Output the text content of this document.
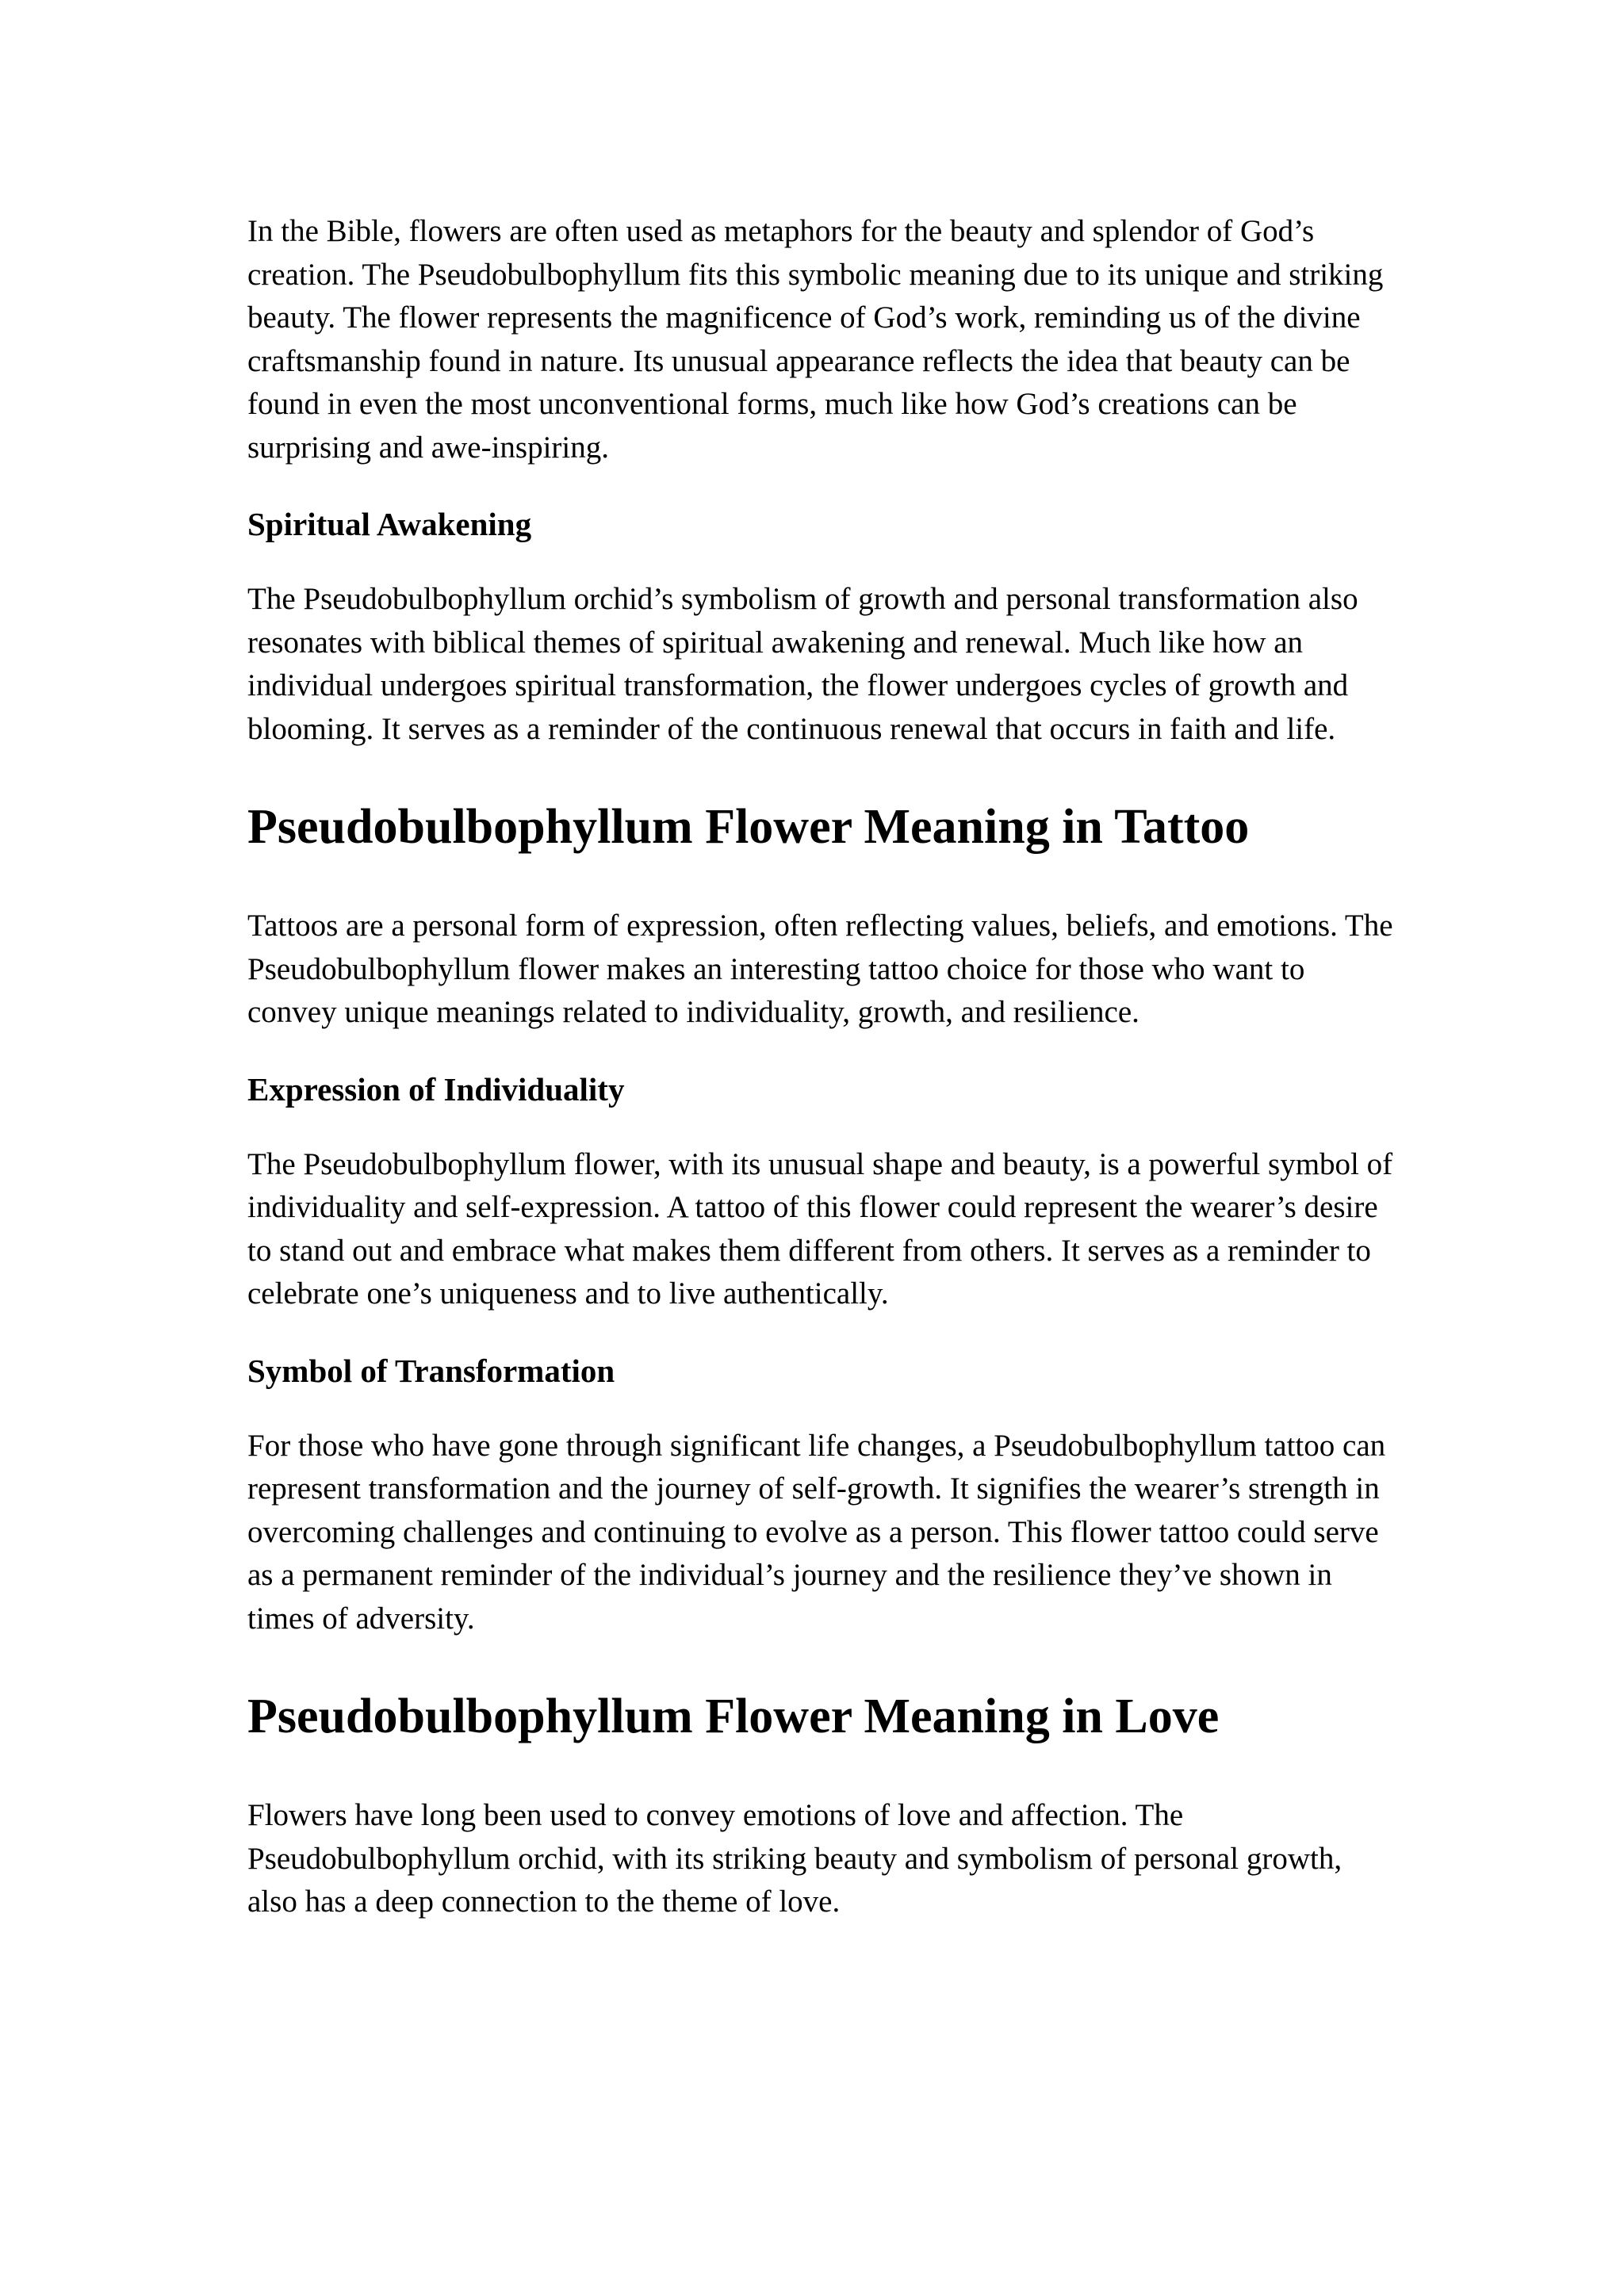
In the Bible, flowers are often used as metaphors for the beauty and splendor of God’s creation. The Pseudobulbophyllum fits this symbolic meaning due to its unique and striking beauty. The flower represents the magnificence of God’s work, reminding us of the divine craftsmanship found in nature. Its unusual appearance reflects the idea that beauty can be found in even the most unconventional forms, much like how God’s creations can be surprising and awe-inspiring.

Spiritual Awakening

The Pseudobulbophyllum orchid’s symbolism of growth and personal transformation also resonates with biblical themes of spiritual awakening and renewal. Much like how an individual undergoes spiritual transformation, the flower undergoes cycles of growth and blooming. It serves as a reminder of the continuous renewal that occurs in faith and life.

Pseudobulbophyllum Flower Meaning in Tattoo

Tattoos are a personal form of expression, often reflecting values, beliefs, and emotions. The Pseudobulbophyllum flower makes an interesting tattoo choice for those who want to convey unique meanings related to individuality, growth, and resilience.

Expression of Individuality

The Pseudobulbophyllum flower, with its unusual shape and beauty, is a powerful symbol of individuality and self-expression. A tattoo of this flower could represent the wearer’s desire to stand out and embrace what makes them different from others. It serves as a reminder to celebrate one’s uniqueness and to live authentically.

Symbol of Transformation

For those who have gone through significant life changes, a Pseudobulbophyllum tattoo can represent transformation and the journey of self-growth. It signifies the wearer’s strength in overcoming challenges and continuing to evolve as a person. This flower tattoo could serve as a permanent reminder of the individual’s journey and the resilience they’ve shown in times of adversity.

Pseudobulbophyllum Flower Meaning in Love

Flowers have long been used to convey emotions of love and affection. The Pseudobulbophyllum orchid, with its striking beauty and symbolism of personal growth, also has a deep connection to the theme of love.
